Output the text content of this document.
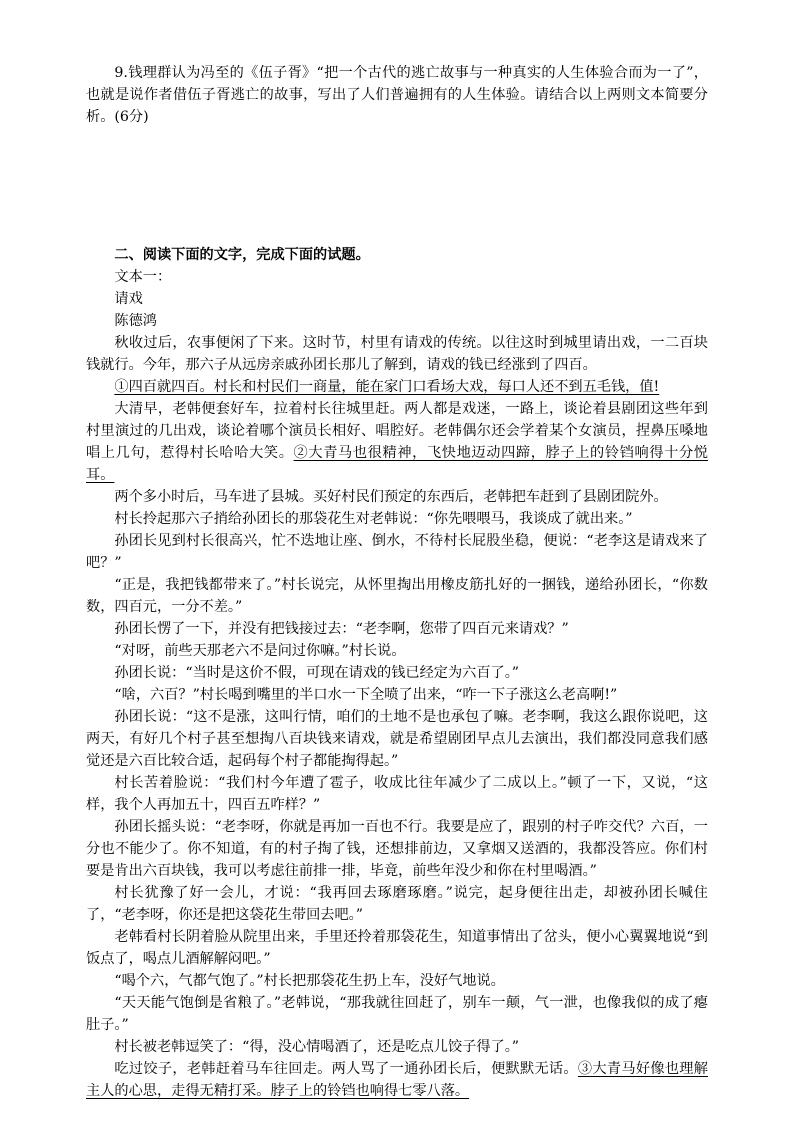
9.钱理群认为冯至的《伍子胥》“把一个古代的逃亡故事与一种真实的人生体验合而为一了”，也就是说作者借伍子胥逃亡的故事，写出了人们普遍拥有的人生体验。请结合以上两则文本简要分析。(6分)

二、阅读下面的文字，完成下面的试题。

文本一：

请戏

陈德鸿

秋收过后，农事便闲了下来。这时节，村里有请戏的传统。以往这时到城里请出戏，一二百块钱就行。今年，那六子从远房亲戚孙团长那儿了解到，请戏的钱已经涨到了四百。

①四百就四百。村长和村民们一商量，能在家门口看场大戏，每口人还不到五毛钱，值!

大清早，老韩便套好车，拉着村长往城里赶。两人都是戏迷，一路上，谈论着县剧团这些年到村里演过的几出戏，谈论着哪个演员长相好、唱腔好。老韩偶尔还会学着某个女演员，捏鼻压嗓地唱上几句，惹得村长哈哈大笑。②大青马也很精神，飞快地迈动四蹄，脖子上的铃铛响得十分悦耳。

两个多小时后，马车进了县城。买好村民们预定的东西后，老韩把车赶到了县剧团院外。

村长拎起那六子捎给孙团长的那袋花生对老韩说：“你先喂喂马，我谈成了就出来。”

孙团长见到村长很高兴，忙不迭地让座、倒水，不待村长屁股坐稳，便说：“老李这是请戏来了吧？”

“正是，我把钱都带来了。”村长说完，从怀里掏出用橡皮筋扎好的一捆钱，递给孙团长，“你数数，四百元，一分不差。”

孙团长愣了一下，并没有把钱接过去：“老李啊，您带了四百元来请戏？”

“对呀，前些天那老六不是问过你嘛。”村长说。

孙团长说：“当时是这价不假，可现在请戏的钱已经定为六百了。”

“啥，六百？”村长喝到嘴里的半口水一下全喷了出来，“咋一下子涨这么老高啊!”

孙团长说：“这不是涨，这叫行情，咱们的土地不是也承包了嘛。老李啊，我这么跟你说吧，这两天，有好几个村子甚至想掏八百块钱来请戏，就是希望剧团早点儿去演出，我们都没同意我们感觉还是六百比较合适，起码每个村子都能掏得起。”

村长苦着脸说：“我们村今年遭了雹子，收成比往年减少了二成以上。”顿了一下，又说，“这样，我个人再加五十，四百五咋样？”

孙团长摇头说：“老李呀，你就是再加一百也不行。我要是应了，跟别的村子咋交代？六百，一分也不能少了。你不知道，有的村子掏了钱，还想排前边，又拿烟又送酒的，我都没答应。你们村要是肯出六百块钱，我可以考虑往前排一排，毕竟，前些年没少和你在村里喝酒。”

村长犹豫了好一会儿，才说：“我再回去琢磨琢磨。”说完，起身便往出走，却被孙团长喊住了，“老李呀，你还是把这袋花生带回去吧。”

老韩看村长阴着脸从院里出来，手里还拎着那袋花生，知道事情出了岔头，便小心翼翼地说“到饭点了，喝点儿酒解解闷吧。”

“喝个六，气都气饱了。”村长把那袋花生扔上车，没好气地说。

“天天能气饱倒是省粮了。”老韩说，“那我就往回赶了，别车一颠，气一泄，也像我似的成了瘪肚子。”

村长被老韩逗笑了：“得，没心情喝酒了，还是吃点儿饺子得了。”

吃过饺子，老韩赶着马车往回走。两人骂了一通孙团长后，便默默无话。③大青马好像也理解主人的心思，走得无精打采。脖子上的铃铛也响得七零八落。
